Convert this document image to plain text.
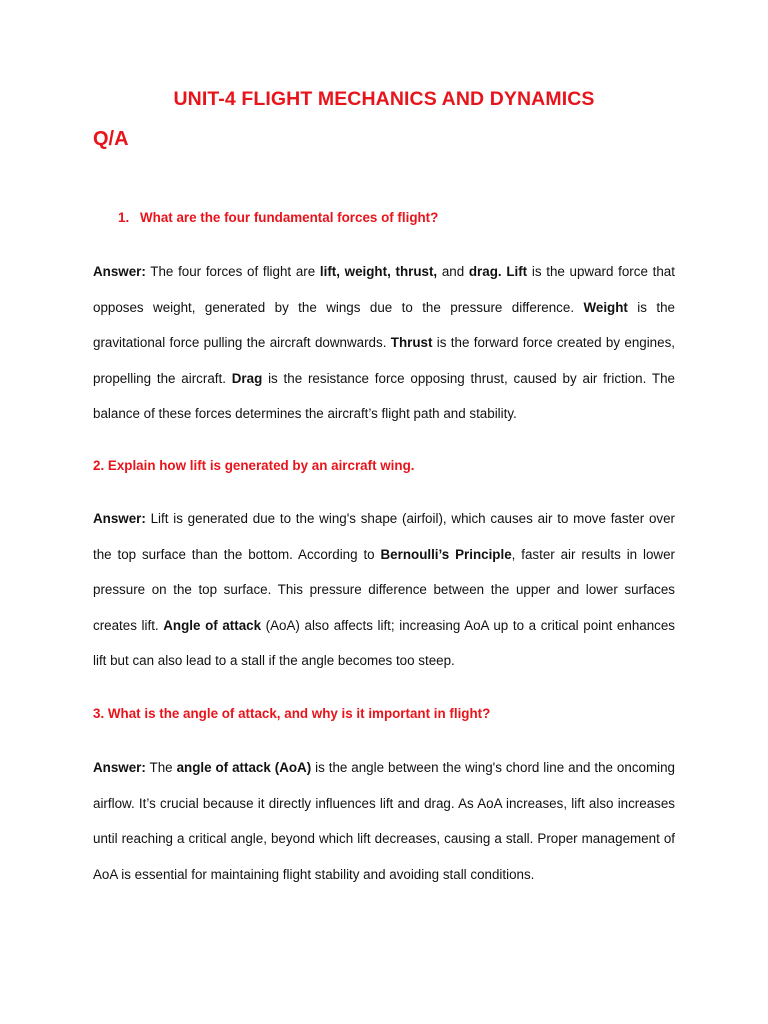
UNIT-4 FLIGHT MECHANICS AND DYNAMICS
Q/A

1. What are the four fundamental forces of flight?

Answer: The four forces of flight are lift, weight, thrust, and drag. Lift is the upward force that opposes weight, generated by the wings due to the pressure difference. Weight is the gravitational force pulling the aircraft downwards. Thrust is the forward force created by engines, propelling the aircraft. Drag is the resistance force opposing thrust, caused by air friction. The balance of these forces determines the aircraft’s flight path and stability.

2. Explain how lift is generated by an aircraft wing.

Answer: Lift is generated due to the wing's shape (airfoil), which causes air to move faster over the top surface than the bottom. According to Bernoulli’s Principle, faster air results in lower pressure on the top surface. This pressure difference between the upper and lower surfaces creates lift. Angle of attack (AoA) also affects lift; increasing AoA up to a critical point enhances lift but can also lead to a stall if the angle becomes too steep.

3. What is the angle of attack, and why is it important in flight?

Answer: The angle of attack (AoA) is the angle between the wing's chord line and the oncoming airflow. It’s crucial because it directly influences lift and drag. As AoA increases, lift also increases until reaching a critical angle, beyond which lift decreases, causing a stall. Proper management of AoA is essential for maintaining flight stability and avoiding stall conditions.
